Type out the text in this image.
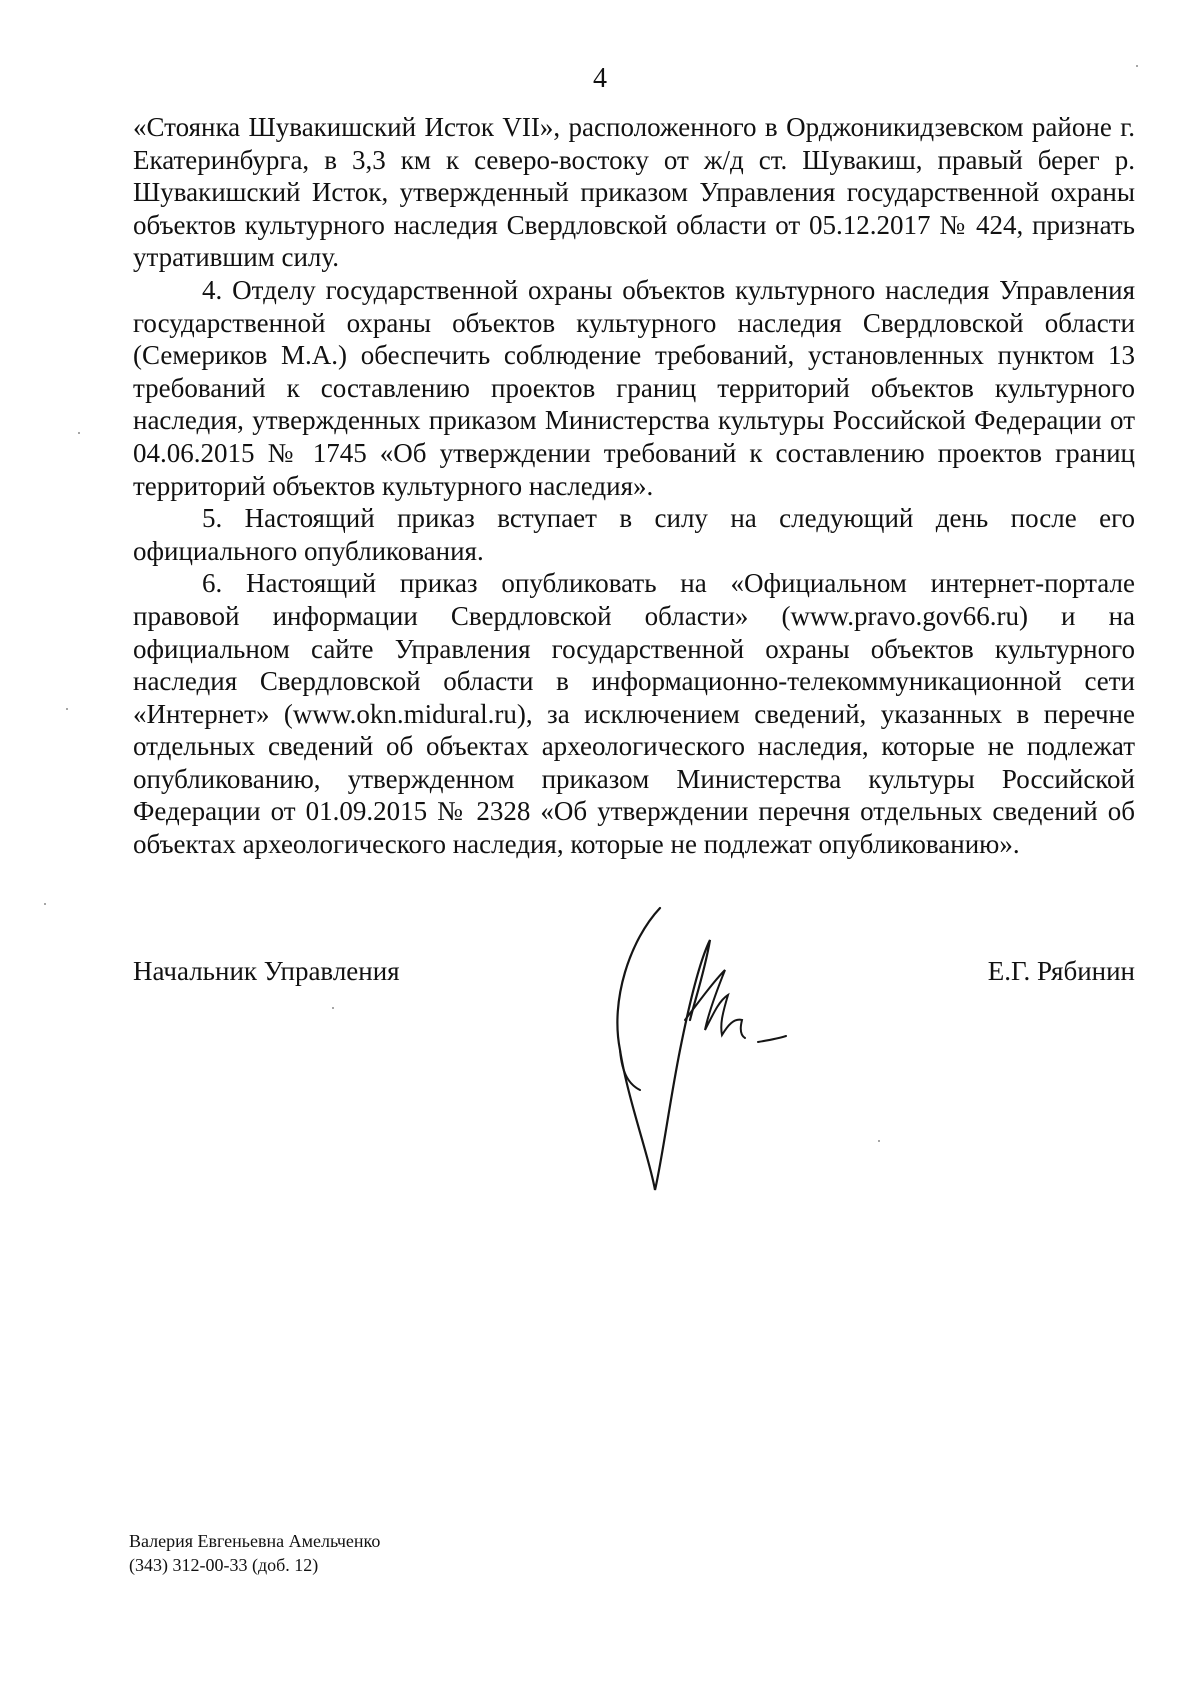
4

«Стоянка Шувакишский Исток VII», расположенного в Орджоникидзевском районе г. Екатеринбурга, в 3,3 км к северо-востоку от ж/д ст. Шувакиш, правый берег р. Шувакишский Исток, утвержденный приказом Управления государственной охраны объектов культурного наследия Свердловской области от 05.12.2017 № 424, признать утратившим силу.

4. Отделу государственной охраны объектов культурного наследия Управления государственной охраны объектов культурного наследия Свердловской области (Семериков М.А.) обеспечить соблюдение требований, установленных пунктом 13 требований к составлению проектов границ территорий объектов культурного наследия, утвержденных приказом Министерства культуры Российской Федерации от 04.06.2015 № 1745 «Об утверждении требований к составлению проектов границ территорий объектов культурного наследия».

5. Настоящий приказ вступает в силу на следующий день после его официального опубликования.

6. Настоящий приказ опубликовать на «Официальном интернет-портале правовой информации Свердловской области» (www.pravo.gov66.ru) и на официальном сайте Управления государственной охраны объектов культурного наследия Свердловской области в информационно-телекоммуникационной сети «Интернет» (www.okn.midural.ru), за исключением сведений, указанных в перечне отдельных сведений об объектах археологического наследия, которые не подлежат опубликованию, утвержденном приказом Министерства культуры Российской Федерации от 01.09.2015 № 2328 «Об утверждении перечня отдельных сведений об объектах археологического наследия, которые не подлежат опубликованию».

Начальник Управления	Е.Г. Рябинин
Валерия Евгеньевна Амельченко
(343) 312-00-33 (доб. 12)
